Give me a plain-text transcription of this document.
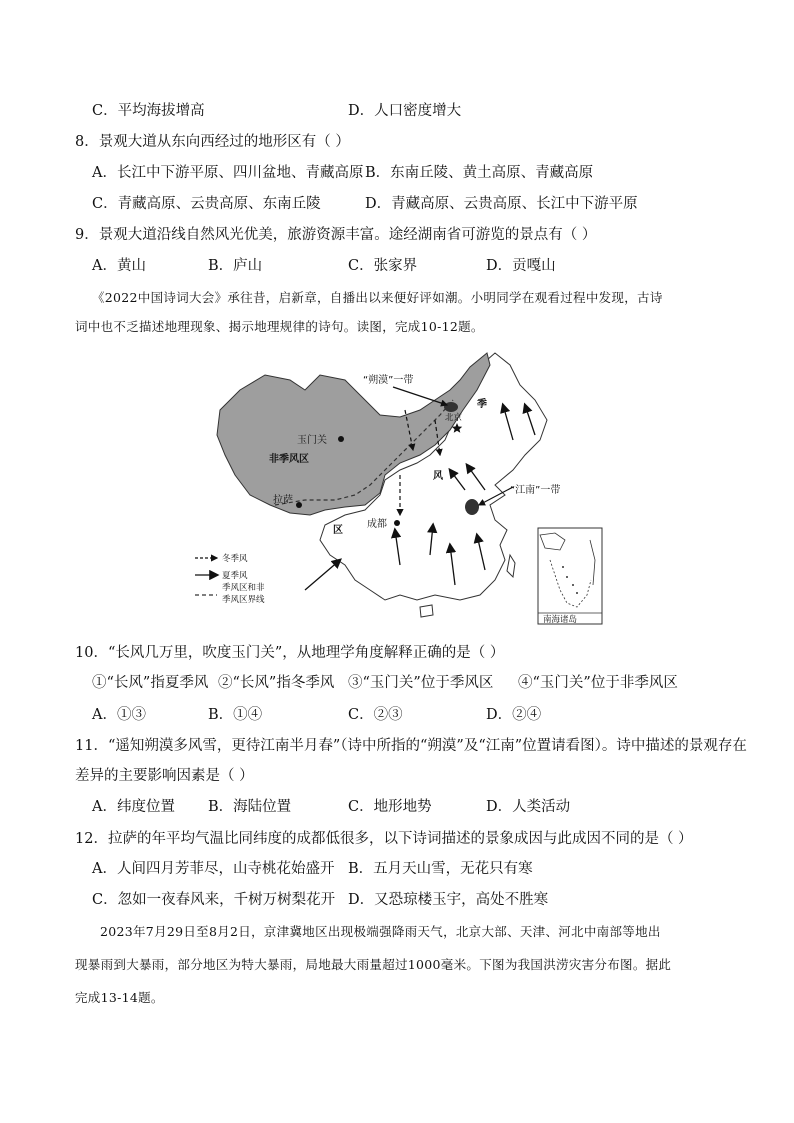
C．平均海拔增高	D．人口密度增大
8．景观大道从东向西经过的地形区有（ ）
A．长江中下游平原、四川盆地、青藏高原 B．东南丘陵、黄土高原、青藏高原
C．青藏高原、云贵高原、东南丘陵	D．青藏高原、云贵高原、长江中下游平原
9．景观大道沿线自然风光优美，旅游资源丰富。途经湖南省可游览的景点有（ ）
A．黄山	B．庐山	C．张家界	D．贡嘎山
《2022中国诗词大会》承往昔，启新章，自播出以来便好评如潮。小明同学在观看过程中发现，古诗
词中也不乏描述地理现象、揭示地理规律的诗句。读图，完成10-12题。
“朔漠”一带
季
玉门关
北京
非季风区
风
“江南”一带
拉萨
区
成都
冬季风
夏季风
季风区和非
季风区界线
南海诸岛
10．“长风几万里，吹度玉门关”，从地理学角度解释正确的是（ ）
①“长风”指夏季风 ②“长风”指冬季风 ③“玉门关”位于季风区 ④“玉门关”位于非季风区
A．①③	B．①④	C．②③	D．②④
11．“遥知朔漠多风雪，更待江南半月春”（诗中所指的“朔漠”及“江南”位置请看图）。诗中描述的景观存在
差异的主要影响因素是（ ）
A．纬度位置 B．海陆位置	C．地形地势	D．人类活动
12．拉萨的年平均气温比同纬度的成都低很多，以下诗词描述的景象成因与此成因不同的是（ ）
A．人间四月芳菲尽，山寺桃花始盛开 B．五月天山雪，无花只有寒
C．忽如一夜春风来，千树万树梨花开 D．又恐琼楼玉宇，高处不胜寒
2023年7月29日至8月2日，京津冀地区出现极端强降雨天气，北京大部、天津、河北中南部等地出
现暴雨到大暴雨，部分地区为特大暴雨，局地最大雨量超过1000毫米。下图为我国洪涝灾害分布图。据此
完成13-14题。
